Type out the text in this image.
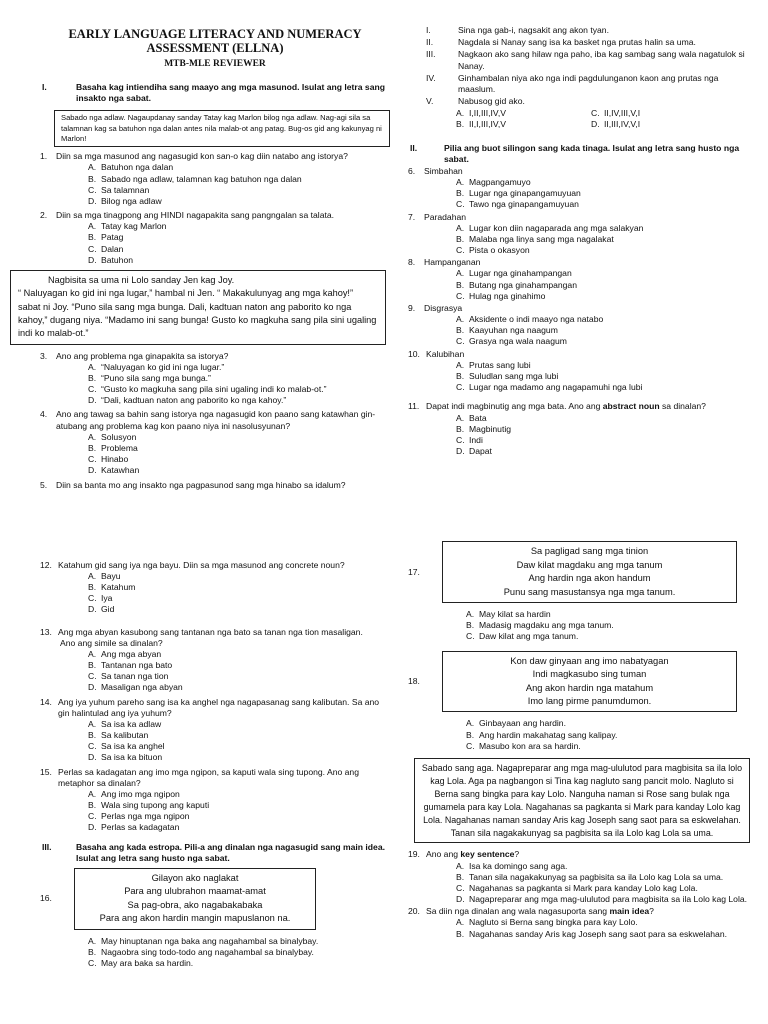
EARLY LANGUAGE LITERACY AND NUMERACY
ASSESSMENT (ELLNA)
MTB-MLE REVIEWER
I.	Basaha kag intiendiha sang maayo ang mga masunod. Isulat ang letra sang insakto nga sabat.
Sabado nga adlaw. Nagaupdanay sanday Tatay kag Marlon bilog nga adlaw. Nag-agi sila sa talamnan kag sa batuhon nga dalan antes nila malab-ot ang patag. Bug-os gid ang kakunyag ni Marlon!
1.	Diin sa mga masunod ang nagasugid kon san-o kag diin natabo ang istorya?
A. Batuhon nga dalan
B. Sabado nga adlaw, talamnan kag batuhon nga dalan
C. Sa talamnan
D. Bilog nga adlaw
2.	Diin sa mga tinagpong ang HINDI nagapakita sang pangngalan sa talata.
A. Tatay kag Marlon
B. Patag
C. Dalan
D. Batuhon
Nagbisita sa uma ni Lolo sanday Jen kag Joy.
“ Naluyagan ko gid ini nga lugar,” hambal ni Jen. “ Makakulunyag ang mga kahoy!” sabat ni Joy. “Puno sila sang mga bunga. Dali, kadtuan naton ang paborito ko nga kahoy,” dugang niya. “Madamo ini sang bunga! Gusto ko magkuha sang pila sini ugaling indi ko malab-ot.”
3.	Ano ang problema nga ginapakita sa istorya?
A. “Naluyagan ko gid ini nga lugar.”
B. “Puno sila sang mga bunga.”
C. “Gusto ko magkuha sang pila sini ugaling indi ko malab-ot.”
D. “Dali, kadtuan naton ang paborito ko nga kahoy.”
4.	Ano ang tawag sa bahin sang istorya nga nagasugid kon paano sang katawhan gin-atubang ang problema kag kon paano niya ini nasolusyunan?
A. Solusyon
B. Problema
C. Hinabo
D. Katawhan
5.	Diin sa banta mo ang insakto nga pagpasunod sang mga hinabo sa idalum?
12. Katahum gid sang iya nga bayu. Diin sa mga masunod ang concrete noun?
A. Bayu
B. Katahum
C. Iya
D. Gid
13. Ang mga abyan kasubong sang tantanan nga bato sa tanan nga tion masaligan.
Ano ang simile sa dinalan?
A. Ang mga abyan
B. Tantanan nga bato
C. Sa tanan nga tion
D. Masaligan nga abyan
14. Ang iya yuhum pareho sang isa ka anghel nga nagapasanag sang kalibutan. Sa ano gin halintulad ang iya yuhum?
A. Sa isa ka adlaw
B. Sa kalibutan
C. Sa isa ka anghel
D. Sa isa ka bituon
15. Perlas sa kadagatan ang imo mga ngipon, sa kaputi wala sing tupong. Ano ang metaphor sa dinalan?
A. Ang imo mga ngipon
B. Wala sing tupong ang kaputi
C. Perlas nga mga ngipon
D. Perlas sa kadagatan
III.	Basaha ang kada estropa. Pili-a ang dinalan nga nagasugid sang main idea. Isulat ang letra sang husto nga sabat.
16.
Gilayon ako naglakat
Para ang ulubrahon maamat-amat
Sa pag-obra, ako nagabakabaka
Para ang akon hardin mangin mapuslanon na.
A. May hinuptanan nga baka ang nagahambal sa binalybay.
B. Nagaobra sing todo-todo ang nagahambal sa binalybay.
C. May ara baka sa hardin.
I.	Sina nga gab-i, nagsakit ang akon tyan.
II.	Nagdala si Nanay sang isa ka basket nga prutas halin sa uma.
III.	Nagkaon ako sang hilaw nga paho, iba kag sambag sang wala nagatulok si Nanay.
IV.	Ginhambalan niya ako nga indi pagdulunganon kaon ang prutas nga maaslum.
V.	Nabusog gid ako.
A. I,II,III,IV,V	C. II,IV,III,V,I
B. II,I,III,IV,V	D. II,III,IV,V,I
II.	Pilia ang buot silingon sang kada tinaga. Isulat ang letra sang husto nga sabat.
6.	Simbahan
A. Magpangamuyo
B. Lugar nga ginapangamuyuan
C. Tawo nga ginapangamuyuan
7.	Paradahan
A. Lugar kon diin nagaparada ang mga salakyan
B. Malaba nga linya sang mga nagalakat
C. Pista o okasyon
8.	Hampanganan
A. Lugar nga ginahampangan
B. Butang nga ginahampangan
C. Hulag nga ginahimo
9.	Disgrasya
A. Aksidente o indi maayo nga natabo
B. Kaayuhan nga naagum
C. Grasya nga wala naagum
10. Kalubihan
A. Prutas sang lubi
B. Suludlan sang mga lubi
C. Lugar nga madamo ang nagapamuhi nga lubi
11. Dapat indi magbinutig ang mga bata. Ano ang abstract noun sa dinalan?
A. Bata
B. Magbinutig
C. Indi
D. Dapat
17.
Sa pagligad sang mga tinion
Daw kilat magdaku ang mga tanum
Ang hardin nga akon handum
Punu sang masustansya nga mga tanum.
A. May kilat sa hardin
B. Madasig magdaku ang mga tanum.
C. Daw kilat ang mga tanum.
18.
Kon daw ginyaan ang imo nabatyagan
Indi magkasubo sing tuman
Ang akon hardin nga matahum
Imo lang pirme panumdumon.
A. Ginbayaan ang hardin.
B. Ang hardin makahatag sang kalipay.
C. Masubo kon ara sa hardin.
Sabado sang aga. Nagapreparar ang mga mag-ululutod para magbisita sa ila lolo kag Lola. Aga pa nagbangon si Tina kag nagluto sang pancit molo. Nagluto si Berna sang bingka para kay Lolo. Nanguha naman si Rose sang bulak nga gumamela para kay Lola. Nagahanas sa pagkanta si Mark para kanday Lolo kag Lola. Nagahanas naman sanday Aris kag Joseph sang saot para sa eskwelahan. Tanan sila nagakakunyag sa pagbisita sa ila Lolo kag Lola sa uma.
19. Ano ang key sentence?
A. Isa ka domingo sang aga.
B. Tanan sila nagakakunyag sa pagbisita sa ila Lolo kag Lola sa uma.
C. Nagahanas sa pagkanta si Mark para kanday Lolo kag Lola.
D. Nagapreparar ang mga mag-ululutod para magbisita sa ila Lolo kag Lola.
20. Sa diin nga dinalan ang wala nagasuporta sang main idea?
A. Nagluto si Berna sang bingka para kay Lolo.
B. Nagahanas sanday Aris kag Joseph sang saot para sa eskwelahan.
